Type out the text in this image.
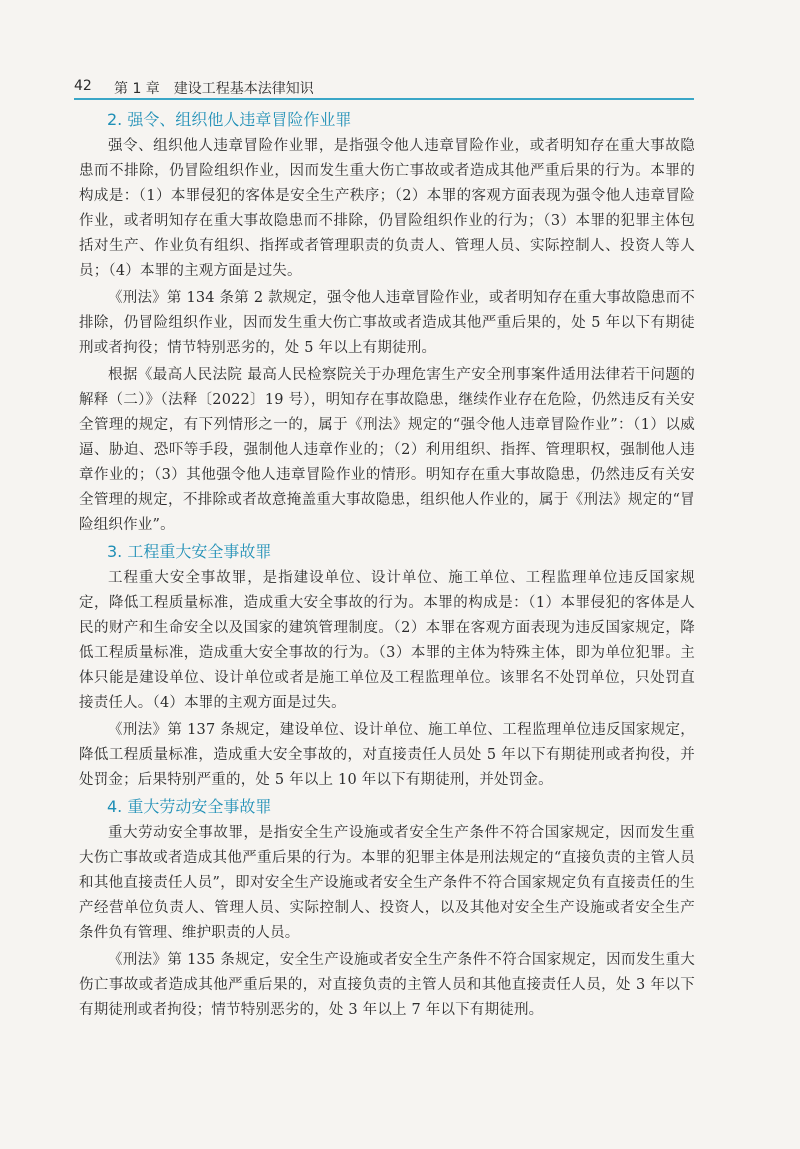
42 第 1 章　建设工程基本法律知识
2. 强令、组织他人违章冒险作业罪

强令、组织他人违章冒险作业罪，是指强令他人违章冒险作业，或者明知存在重大事故隐患而不排除，仍冒险组织作业，因而发生重大伤亡事故或者造成其他严重后果的行为。本罪的构成是：（1）本罪侵犯的客体是安全生产秩序；（2）本罪的客观方面表现为强令他人违章冒险作业，或者明知存在重大事故隐患而不排除，仍冒险组织作业的行为；（3）本罪的犯罪主体包括对生产、作业负有组织、指挥或者管理职责的负责人、管理人员、实际控制人、投资人等人员；（4）本罪的主观方面是过失。

《刑法》第 134 条第 2 款规定，强令他人违章冒险作业，或者明知存在重大事故隐患而不排除，仍冒险组织作业，因而发生重大伤亡事故或者造成其他严重后果的，处 5 年以下有期徒刑或者拘役；情节特别恶劣的，处 5 年以上有期徒刑。

根据《最高人民法院 最高人民检察院关于办理危害生产安全刑事案件适用法律若干问题的解释（二）》（法释〔2022〕19 号），明知存在事故隐患，继续作业存在危险，仍然违反有关安全管理的规定，有下列情形之一的，属于《刑法》规定的“强令他人违章冒险作业”：（1）以威逼、胁迫、恐吓等手段，强制他人违章作业的；（2）利用组织、指挥、管理职权，强制他人违章作业的；（3）其他强令他人违章冒险作业的情形。明知存在重大事故隐患，仍然违反有关安全管理的规定，不排除或者故意掩盖重大事故隐患，组织他人作业的，属于《刑法》规定的“冒险组织作业”。

3. 工程重大安全事故罪

工程重大安全事故罪，是指建设单位、设计单位、施工单位、工程监理单位违反国家规定，降低工程质量标准，造成重大安全事故的行为。本罪的构成是：（1）本罪侵犯的客体是人民的财产和生命安全以及国家的建筑管理制度。（2）本罪在客观方面表现为违反国家规定，降低工程质量标准，造成重大安全事故的行为。（3）本罪的主体为特殊主体，即为单位犯罪。主体只能是建设单位、设计单位或者是施工单位及工程监理单位。该罪名不处罚单位，只处罚直接责任人。（4）本罪的主观方面是过失。

《刑法》第 137 条规定，建设单位、设计单位、施工单位、工程监理单位违反国家规定，降低工程质量标准，造成重大安全事故的，对直接责任人员处 5 年以下有期徒刑或者拘役，并处罚金；后果特别严重的，处 5 年以上 10 年以下有期徒刑，并处罚金。

4. 重大劳动安全事故罪

重大劳动安全事故罪，是指安全生产设施或者安全生产条件不符合国家规定，因而发生重大伤亡事故或者造成其他严重后果的行为。本罪的犯罪主体是刑法规定的“直接负责的主管人员和其他直接责任人员”，即对安全生产设施或者安全生产条件不符合国家规定负有直接责任的生产经营单位负责人、管理人员、实际控制人、投资人，以及其他对安全生产设施或者安全生产条件负有管理、维护职责的人员。

《刑法》第 135 条规定，安全生产设施或者安全生产条件不符合国家规定，因而发生重大伤亡事故或者造成其他严重后果的，对直接负责的主管人员和其他直接责任人员，处 3 年以下有期徒刑或者拘役；情节特别恶劣的，处 3 年以上 7 年以下有期徒刑。
